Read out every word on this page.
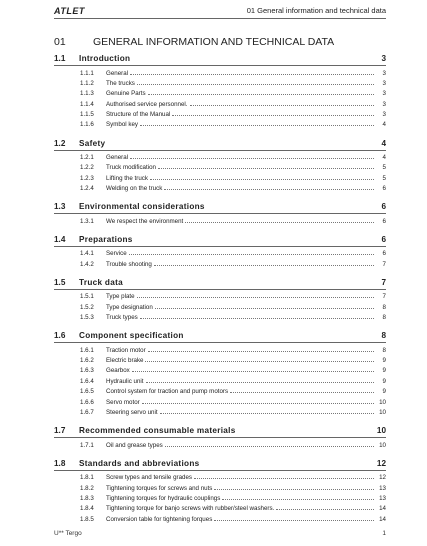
ATLET	01 General information and technical data
01	GENERAL INFORMATION AND TECHNICAL DATA
1.1 Introduction	3
1.1.1 General	3
1.1.2 The trucks	3
1.1.3 Genuine Parts	3
1.1.4 Authorised service personnel.	3
1.1.5 Structure of the Manual	3
1.1.6 Symbol key	4
1.2 Safety	4
1.2.1 General	4
1.2.2 Truck modification	5
1.2.3 Lifting the truck	5
1.2.4 Welding on the truck	6
1.3 Environmental considerations	6
1.3.1 We respect the environment	6
1.4 Preparations	6
1.4.1 Service	6
1.4.2 Trouble shooting	7
1.5 Truck data	7
1.5.1 Type plate	7
1.5.2 Type designation	8
1.5.3 Truck types	8
1.6 Component specification	8
1.6.1 Traction motor	8
1.6.2 Electric brake	9
1.6.3 Gearbox	9
1.6.4 Hydraulic unit	9
1.6.5 Control system for traction and pump motors	9
1.6.6 Servo motor	10
1.6.7 Steering servo unit	10
1.7 Recommended consumable materials	10
1.7.1 Oil and grease types	10
1.8 Standards and abbreviations	12
1.8.1 Screw types and tensile grades	12
1.8.2 Tightening torques for screws and nuts	13
1.8.3 Tightening torques for hydraulic couplings	13
1.8.4 Tightening torque for banjo screws with rubber/steel washers.	14
1.8.5 Conversion table for tightening forques	14
U** Tergo	1
